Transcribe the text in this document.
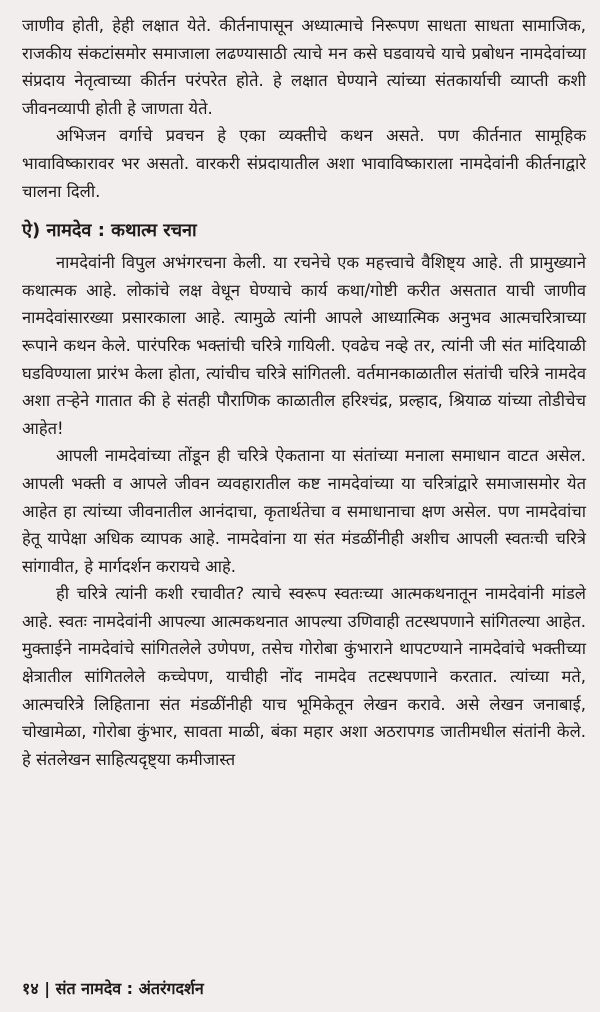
जाणीव होती, हेही लक्षात येते. कीर्तनापासून अध्यात्माचे निरूपण साधता साधता सामाजिक, राजकीय संकटांसमोर समाजाला लढण्यासाठी त्याचे मन कसे घडवायचे याचे प्रबोधन नामदेवांच्या संप्रदाय नेतृत्वाच्या कीर्तन परंपरेत होते. हे लक्षात घेण्याने त्यांच्या संतकार्याची व्याप्ती कशी जीवनव्यापी होती हे जाणता येते.

अभिजन वर्गाचे प्रवचन हे एका व्यक्तीचे कथन असते. पण कीर्तनात सामूहिक भावाविष्कारावर भर असतो. वारकरी संप्रदायातील अशा भावाविष्काराला नामदेवांनी कीर्तनाद्वारे चालना दिली.

ऐ) नामदेव : कथात्म रचना

नामदेवांनी विपुल अभंगरचना केली. या रचनेचे एक महत्त्वाचे वैशिष्ट्य आहे. ती प्रामुख्याने कथात्मक आहे. लोकांचे लक्ष वेधून घेण्याचे कार्य कथा/गोष्टी करीत असतात याची जाणीव नामदेवांसारख्या प्रसारकाला आहे. त्यामुळे त्यांनी आपले आध्यात्मिक अनुभव आत्मचरित्राच्या रूपाने कथन केले. पारंपरिक भक्तांची चरित्रे गायिली. एवढेच नव्हे तर, त्यांनी जी संत मांदियाळी घडविण्याला प्रारंभ केला होता, त्यांचीच चरित्रे सांगितली. वर्तमानकाळातील संतांची चरित्रे नामदेव अशा तऱ्हेने गातात की हे संतही पौराणिक काळातील हरिश्चंद्र, प्रल्हाद, श्रियाळ यांच्या तोडीचेच आहेत!

आपली नामदेवांच्या तोंडून ही चरित्रे ऐकताना या संतांच्या मनाला समाधान वाटत असेल. आपली भक्ती व आपले जीवन व्यवहारातील कष्ट नामदेवांच्या या चरित्रांद्वारे समाजासमोर येत आहेत हा त्यांच्या जीवनातील आनंदाचा, कृतार्थतेचा व समाधानाचा क्षण असेल. पण नामदेवांचा हेतू यापेक्षा अधिक व्यापक आहे. नामदेवांना या संत मंडळींनीही अशीच आपली स्वतःची चरित्रे सांगावीत, हे मार्गदर्शन करायचे आहे.

ही चरित्रे त्यांनी कशी रचावीत? त्याचे स्वरूप स्वतःच्या आत्मकथनातून नामदेवांनी मांडले आहे. स्वतः नामदेवांनी आपल्या आत्मकथनात आपल्या उणिवाही तटस्थपणाने सांगितल्या आहेत. मुक्ताईने नामदेवांचे सांगितलेले उणेपण, तसेच गोरोबा कुंभाराने थापटण्याने नामदेवांचे भक्तीच्या क्षेत्रातील सांगितलेले कच्चेपण, याचीही नोंद नामदेव तटस्थपणाने करतात. त्यांच्या मते, आत्मचरित्रे लिहिताना संत मंडळींनीही याच भूमिकेतून लेखन करावे. असे लेखन जनाबाई, चोखामेळा, गोरोबा कुंभार, सावता माळी, बंका महार अशा अठरापगड जातीमधील संतांनी केले. हे संतलेखन साहित्यदृष्ट्या कमीजास्त

१४ | संत नामदेव : अंतरंगदर्शन
